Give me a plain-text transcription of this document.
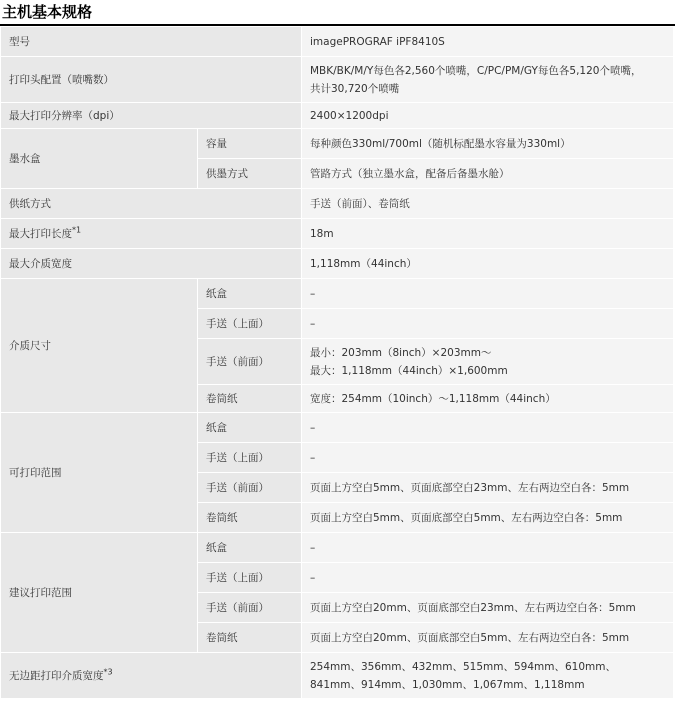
主机基本规格
型号		imagePROGRAF iPF8410S
打印头配置（喷嘴数）		MBK/BK/M/Y每色各2,560个喷嘴，C/PC/PM/GY每色各5,120个喷嘴，
共计30,720个喷嘴

最大打印分辨率（dpi）		2400×1200dpi
墨水盒	容量	每种颜色330ml/700ml（随机标配墨水容量为330ml）
	供墨方式	管路方式（独立墨水盒，配备后备墨水舱）
供纸方式		手送（前面）、卷筒纸
最大打印长度$^{*1}$		18m
最大介质宽度		1,118mm（44inch）
介质尺寸	纸盒	–
	手送（上面）	–
	手送（前面）	最小：203mm（8inch）×203mm～
最大：1,118mm（44inch）×1,600mm

	卷筒纸	宽度：254mm（10inch）～1,118mm（44inch）
可打印范围	纸盒	–
	手送（上面）	–
	手送（前面）	页面上方空白5mm、页面底部空白23mm、左右两边空白各：5mm
	卷筒纸	页面上方空白5mm、页面底部空白5mm、左右两边空白各：5mm
建议打印范围	纸盒	–
	手送（上面）	–
	手送（前面）	页面上方空白20mm、页面底部空白23mm、左右两边空白各：5mm
	卷筒纸	页面上方空白20mm、页面底部空白5mm、左右两边空白各：5mm
无边距打印介质宽度$^{*3}$		254mm、356mm、432mm、515mm、594mm、610mm、
841mm、914mm、1,030mm、1,067mm、1,118mm
